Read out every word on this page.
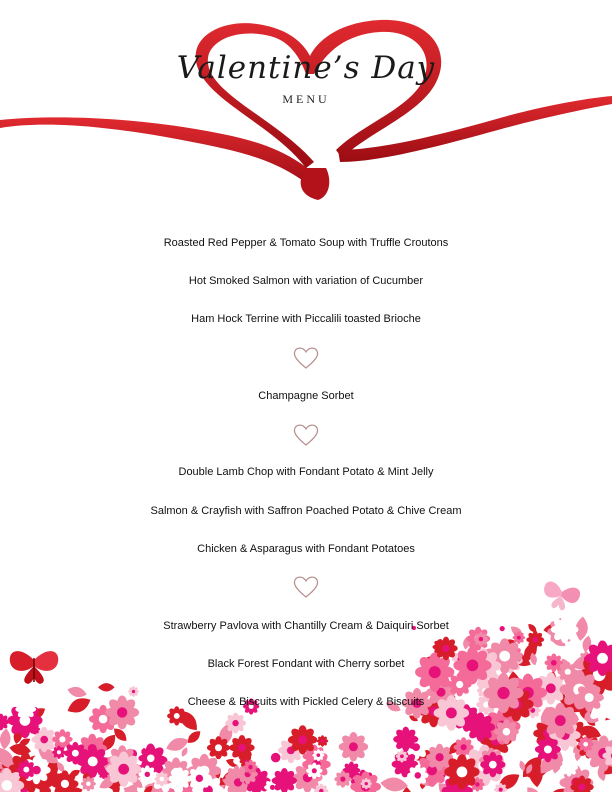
Valentine’s Day
MENU
Roasted Red Pepper & Tomato Soup with Truffle Croutons
Hot Smoked Salmon with variation of Cucumber
Ham Hock Terrine with Piccalili toasted Brioche
Champagne Sorbet
Double Lamb Chop with Fondant Potato & Mint Jelly
Salmon & Crayfish with Saffron Poached Potato & Chive Cream
Chicken & Asparagus with Fondant Potatoes
Strawberry Pavlova with Chantilly Cream & Daiquiri Sorbet
Black Forest Fondant with Cherry sorbet
Cheese & Biscuits with Pickled Celery & Biscuits
